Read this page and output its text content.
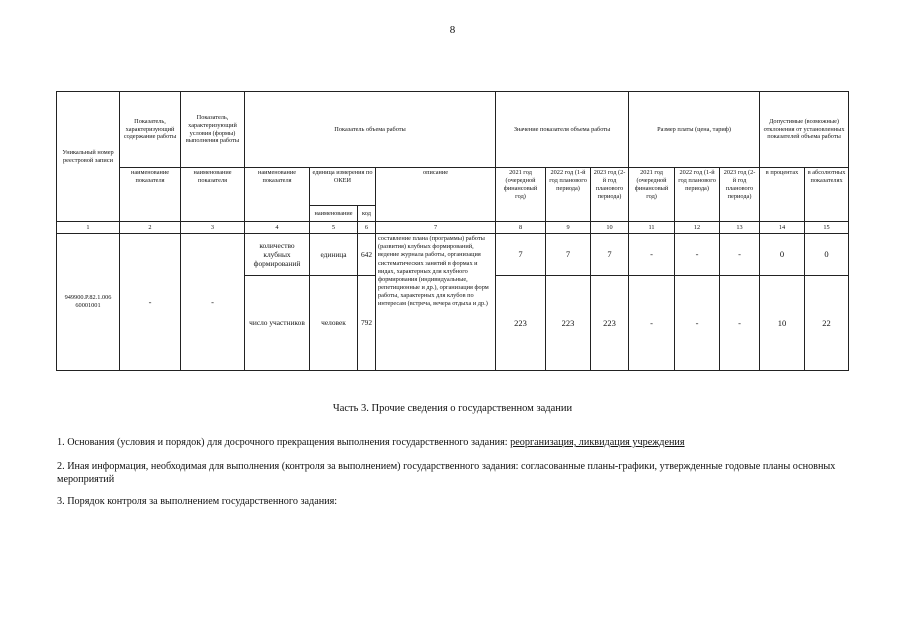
8
Уникальный номер реестровой записи	Показатель, характеризующий содержание работы	Показатель, характеризующий условия (формы) выполнения работы	Показатель объема работы				Значение показателя объема работы			Размер платы (цена, тариф)			Допустимые (возможные) отклонения от установленных показателей объема работы	
	наименование показателя	наименование показателя	наименование показателя	единица измерения по ОКЕИ		описание	2021 год (очередной финансовый год)	2022 год (1-й год планового периода)	2023 год (2-й год планового периода)	2021 год (очередной финансовый год)	2022 год (1-й год планового периода)	2023 год (2-й год планового периода)	в процентах	в абсолютных показателях
				наименование	код									
1	2	3	4	5	6	7	8	9	10	11	12	13	14	15
949900.Р.82.1.006 60001001	-	-	количество клубных формирований	единица	642	составление плана (программы) работы (развития) клубных формирований, ведение журнала работы, организация систематических занятий в формах и видах, характерных для клубного формирования (индивидуальные, репетиционные и др.), организация форм работы, характерных для клубов по интересам (встреча, вечера отдыха и др.)	7	7	7	-	-	-	0	0
			число участников	человек	792		223	223	223	-	-	-	10	22
Часть 3. Прочие сведения о государственном задании
1. Основания (условия и порядок) для досрочного прекращения выполнения государственного задания: реорганизация, ликвидация учреждения
2. Иная информация, необходимая для выполнения (контроля за выполнением) государственного задания: согласованные планы-графики, утвержденные годовые планы основных мероприятий
3. Порядок контроля за выполнением государственного задания:
